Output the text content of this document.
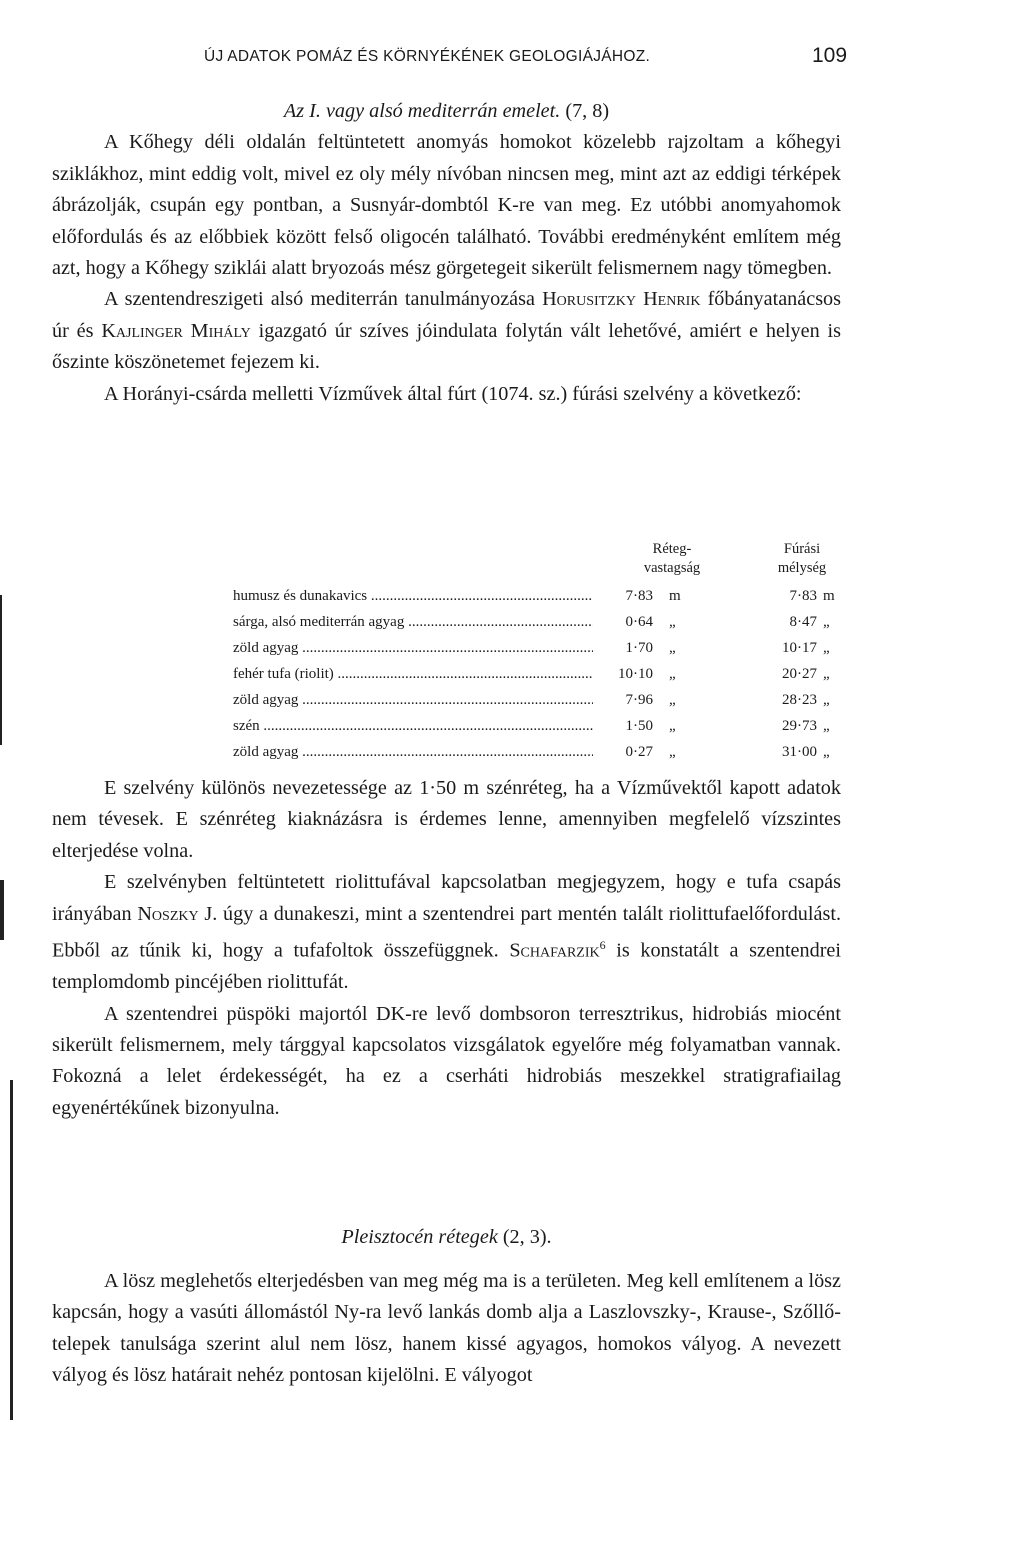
ÚJ ADATOK POMÁZ ÉS KÖRNYÉKÉNEK GEOLOGIÁJÁHOZ.	109

Az I. vagy alsó mediterrán emelet. (7, 8)

A Kőhegy déli oldalán feltüntetett anomyás homokot közelebb rajzoltam a kőhegyi sziklákhoz, mint eddig volt, mivel ez oly mély nívóban nincsen meg, mint azt az eddigi térképek ábrázolják, csupán egy pontban, a Susnyár-dombtól K-re van meg. Ez utóbbi anomyahomok előfordulás és az előbbiek között felső oligocén található. További eredményként említem még azt, hogy a Kőhegy sziklái alatt bryozoás mész görgetegeit sikerült felismernem nagy tömegben.

A szentendreszigeti alsó mediterrán tanulmányozása Horusitzky Henrik főbányatanácsos úr és Kajlinger Mihály igazgató úr szíves jóindulata folytán vált lehetővé, amiért e helyen is őszinte köszönetemet fejezem ki.

A Horányi-csárda melletti Vízművek által fúrt (1074. sz.) fúrási szelvény a következő:

Réteg-
vastagság
Fúrási
mélység
humusz és dunakavics .....	7·83 m	7·83 m
sárga, alsó mediterrán agyag .....	0·64 „	8·47 „
zöld agyag .....	1·70 „	10·17 „
fehér tufa (riolit) .....	10·10 „	20·27 „
zöld agyag .....	7·96 „	28·23 „
szén .....	1·50 „	29·73 „
zöld agyag .....	0·27 „	31·00 „

E szelvény különös nevezetessége az 1·50 m szénréteg, ha a Vízművektől kapott adatok nem tévesek. E szénréteg kiaknázásra is érdemes lenne, amennyiben megfelelő vízszintes elterjedése volna.

E szelvényben feltüntetett riolittufával kapcsolatban megjegyzem, hogy e tufa csapás irányában Noszky J. úgy a dunakeszi, mint a szentendrei part mentén talált riolittufaelőfordulást. Ebből az tűnik ki, hogy a tufafoltok összefüggnek. Schafarzik$^6$ is konstatált a szentendrei templomdomb pincéjében riolittufát.

A szentendrei püspöki majortól DK-re levő dombsoron terresztrikus, hidrobiás miocént sikerült felismernem, mely tárggyal kapcsolatos vizsgálatok egyelőre még folyamatban vannak. Fokozná a lelet érdekességét, ha ez a cserháti hidrobiás meszekkel stratigrafiailag egyenértékűnek bizonyulna.

Pleisztocén rétegek (2, 3).

A lösz meglehetős elterjedésben van meg még ma is a területen. Meg kell említenem a lösz kapcsán, hogy a vasúti állomástól Ny-ra levő lankás domb alja a Laszlovszky-, Krause-, Szőllő-telepek tanulsága szerint alul nem lösz, hanem kissé agyagos, homokos vályog. A nevezett vályog és lösz határait nehéz pontosan kijelölni. E vályogot
